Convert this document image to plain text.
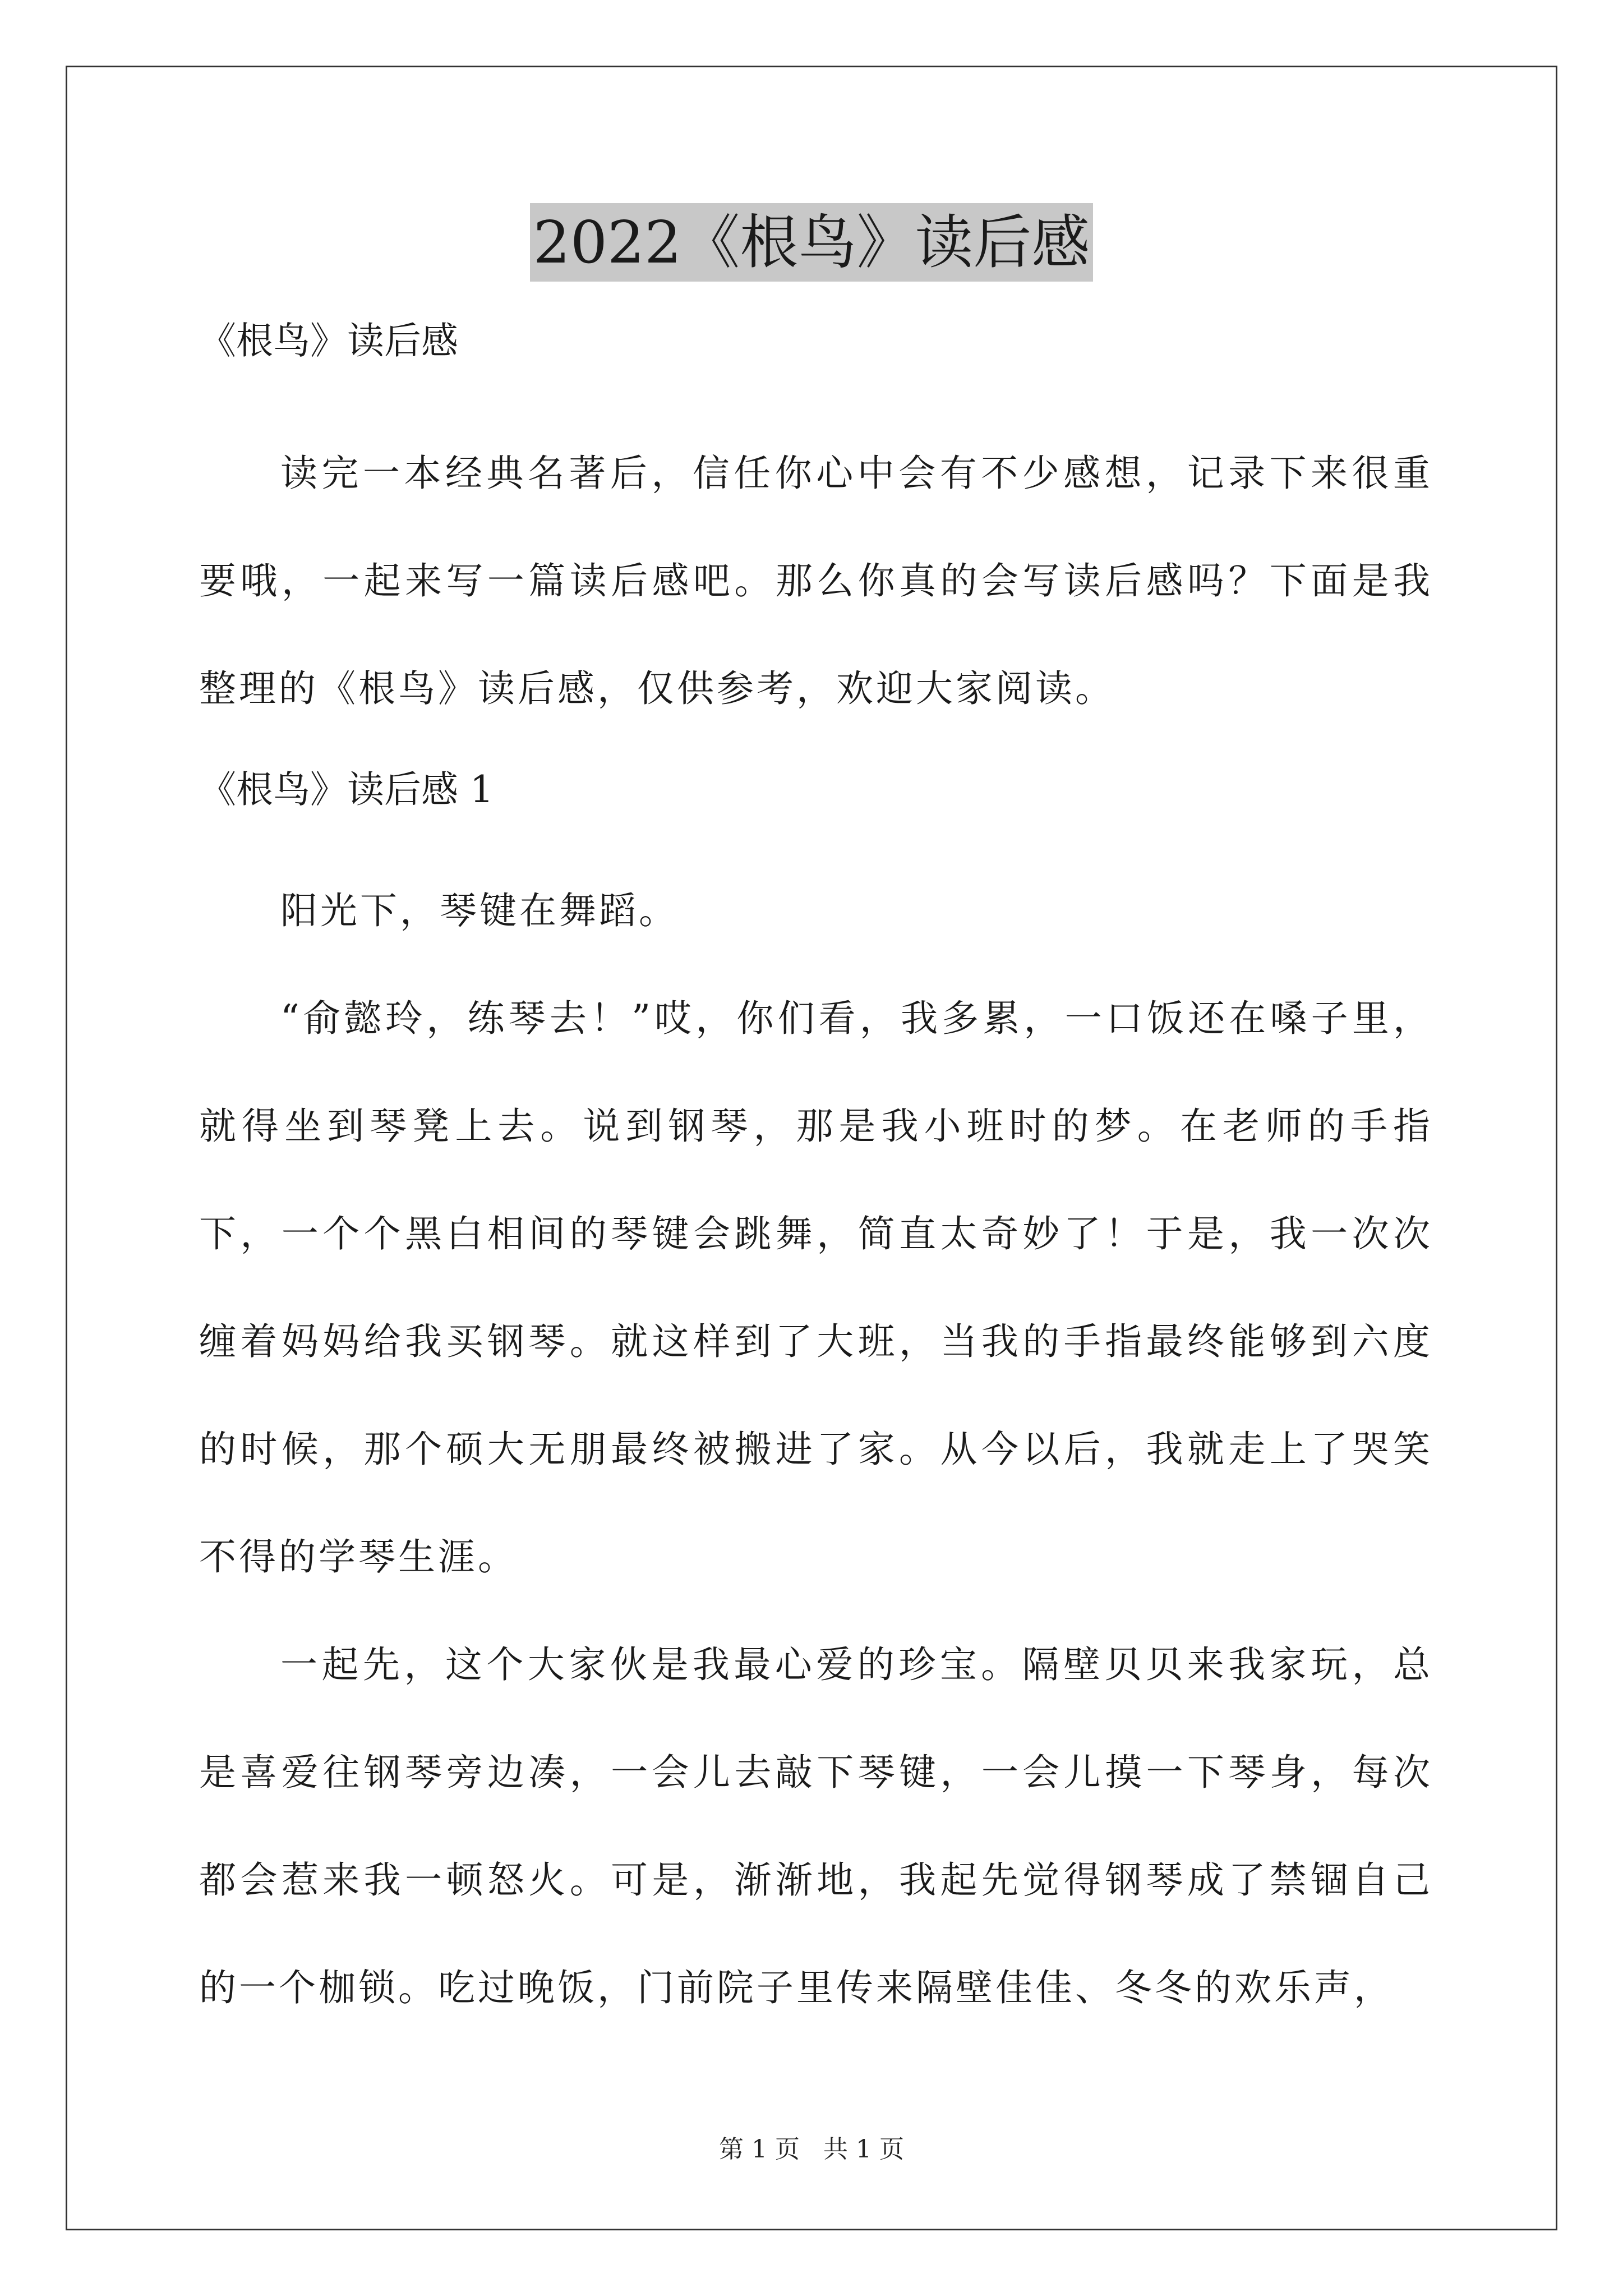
2022《根鸟》读后感

《根鸟》读后感

读完一本经典名著后，信任你心中会有不少感想，记录下来很重要哦，一起来写一篇读后感吧。那么你真的会写读后感吗？下面是我整理的《根鸟》读后感，仅供参考，欢迎大家阅读。

《根鸟》读后感 1

阳光下，琴键在舞蹈。

“俞懿玲，练琴去！”哎，你们看，我多累，一口饭还在嗓子里，就得坐到琴凳上去。说到钢琴，那是我小班时的梦。在老师的手指下，一个个黑白相间的琴键会跳舞，简直太奇妙了！于是，我一次次缠着妈妈给我买钢琴。就这样到了大班，当我的手指最终能够到六度的时候，那个硕大无朋最终被搬进了家。从今以后，我就走上了哭笑不得的学琴生涯。

一起先，这个大家伙是我最心爱的珍宝。隔壁贝贝来我家玩，总是喜爱往钢琴旁边凑，一会儿去敲下琴键，一会儿摸一下琴身，每次都会惹来我一顿怒火。可是，渐渐地，我起先觉得钢琴成了禁锢自己的一个枷锁。吃过晚饭，门前院子里传来隔壁佳佳、冬冬的欢乐声，

第 1 页 共 1 页
